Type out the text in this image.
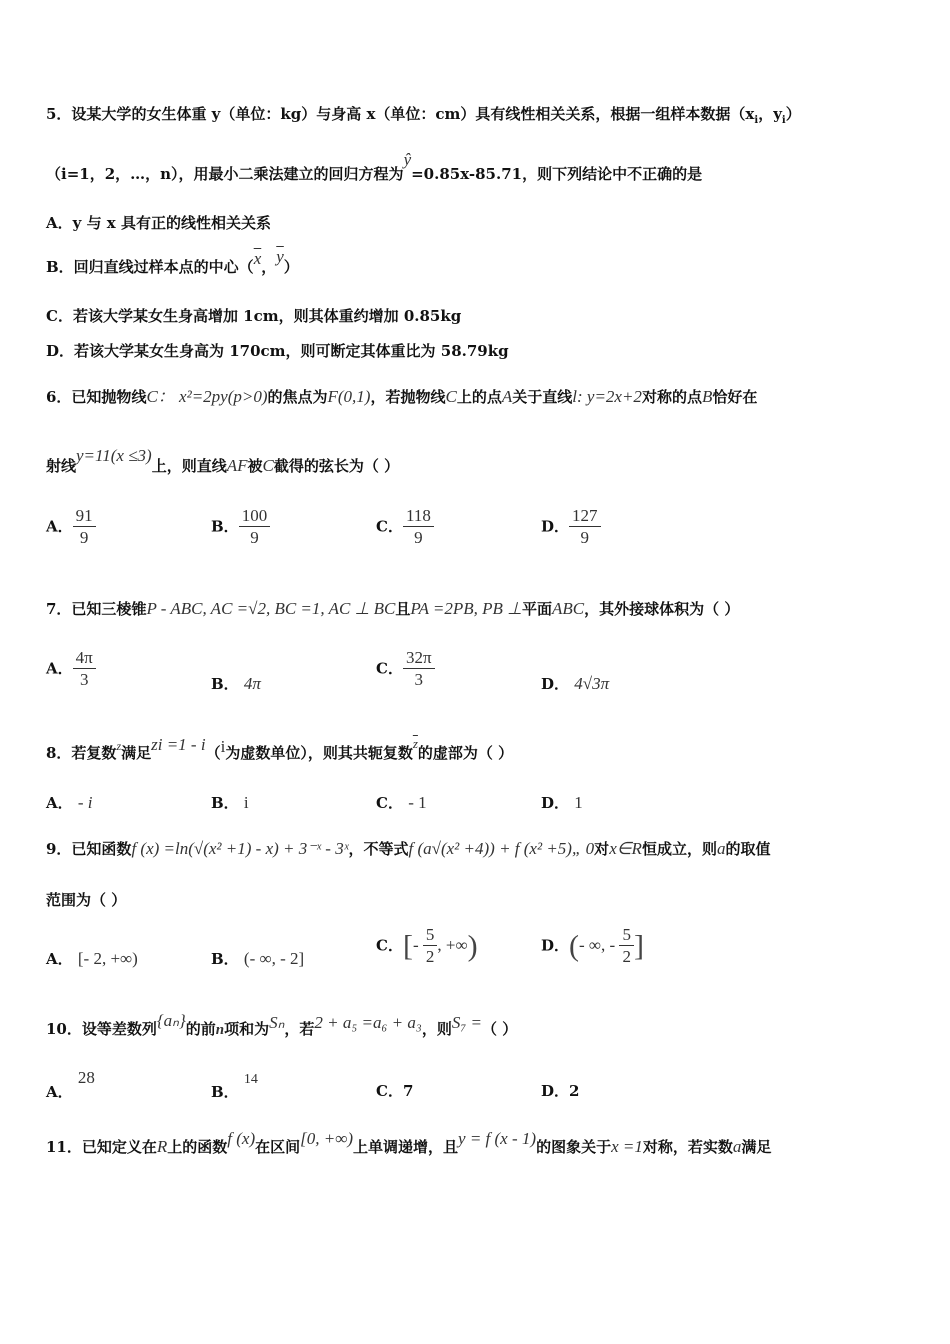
5．设某大学的女生体重 y（单位：kg）与身高 x（单位：cm）具有线性相关关系，根据一组样本数据（$x_i$，$y_i$）
（i=1，2，…，n），用最小二乘法建立的回归方程为ŷ=0.85x-85.71，则下列结论中不正确的是
A．y 与 x 具有正的线性相关关系
B．回归直线过样本点的中心（$\overline{x}$，$\overline{y}$）
C．若该大学某女生身高增加 1cm，则其体重约增加 0.85kg
D．若该大学某女生身高为 170cm，则可断定其体重比为 58.79kg
6．已知抛物线C： x²=2py(p>0)的焦点为F(0,1)，若抛物线C上的点A关于直线l: y=2x+2对称的点B恰好在
射线y=11(x ≤3)上，则直线AF被C截得的弦长为（ ）
A． $\frac{91}{9}$	B． $\frac{100}{9}$	C． $\frac{118}{9}$	D． $\frac{127}{9}$
7．已知三棱锥P - ABC, AC =√2, BC =1, AC ⊥ BC且PA =2PB, PB ⊥平面ABC，其外接球体积为（ ）
A． $\frac{4\pi}{3}$	B． 4π
C． $\frac{32\pi}{3}$	D． 4√3π
8．若复数$^z$满足zi =1 - i（i为虚数单位），则其共轭复数$\overline{z}$的虚部为（ ）
A． - i	B． i	C． - 1	D． 1
9．已知函数f (x) =ln(√(x² +1) - x) + 3⁻ˣ - 3ˣ，不等式f (a√(x² +4)) + f (x² +5)„ 0对x∈R恒成立，则a的取值
范围为（ ）
A． [- 2, +∞)	B． (- ∞, - 2]
C．[- $\frac{5}{2}$ , +∞)	D．(- ∞, - $\frac{5}{2}$ ]
10．设等差数列{aₙ}的前n项和为Sₙ，若2 + a₅ =a₆ + a₃，则S₇ =（ ）
A． 28
B． 14
C．7	D．2
11．已知定义在R上的函数f (x)在区间[0, +∞)上单调递增，且y = f (x - 1)的图象关于x =1对称，若实数a满足
